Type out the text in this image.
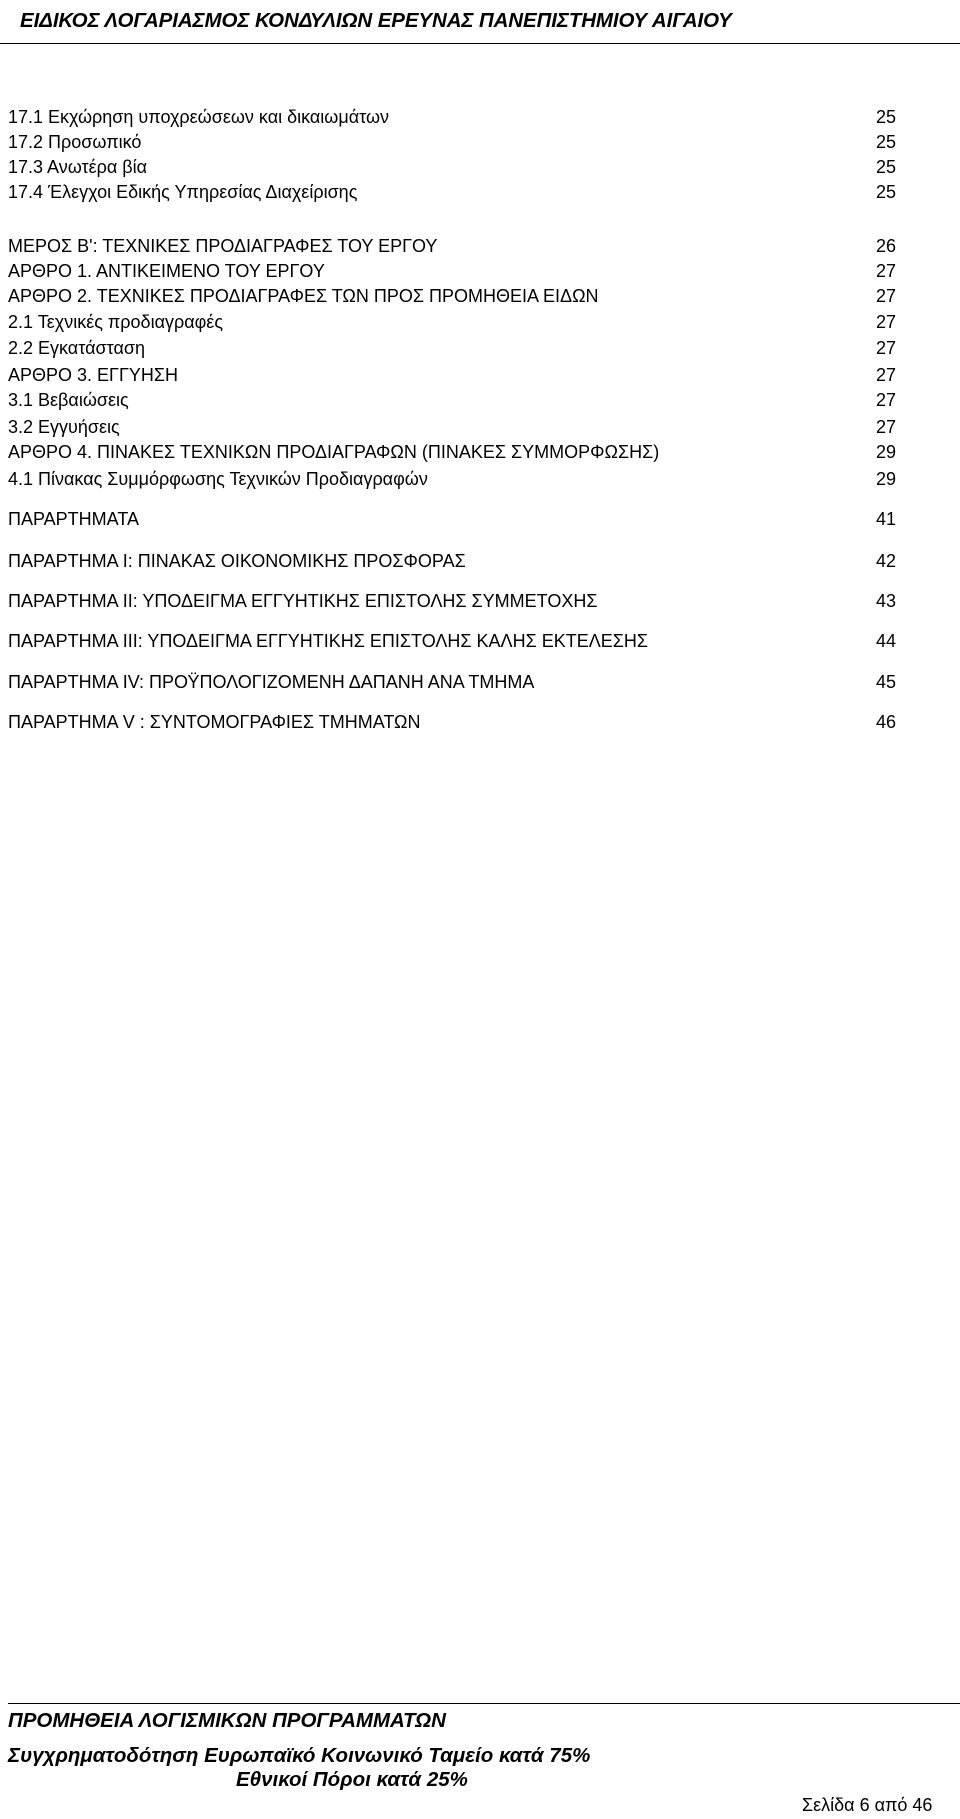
ΕΙΔΙΚΟΣ ΛΟΓΑΡΙΑΣΜΟΣ ΚΟΝΔΥΛΙΩΝ ΕΡΕΥΝΑΣ ΠΑΝΕΠΙΣΤΗΜΙΟΥ ΑΙΓΑΙΟΥ
17.1 Εκχώρηση υποχρεώσεων και δικαιωμάτων	25
17.2 Προσωπικό	25
17.3 Ανωτέρα βία	25
17.4 Έλεγχοι Εδικής Υπηρεσίας Διαχείρισης	25
ΜΕΡΟΣ Β': ΤΕΧΝΙΚΕΣ ΠΡΟΔΙΑΓΡΑΦΕΣ ΤΟΥ ΕΡΓΟΥ	26
ΑΡΘΡΟ 1. ΑΝΤΙΚΕΙΜΕΝΟ ΤΟΥ ΕΡΓΟΥ	27
ΑΡΘΡΟ 2. ΤΕΧΝΙΚΕΣ ΠΡΟΔΙΑΓΡΑΦΕΣ ΤΩΝ ΠΡΟΣ ΠΡΟΜΗΘΕΙΑ ΕΙΔΩΝ	27
2.1 Τεχνικές προδιαγραφές	27
2.2 Εγκατάσταση	27
ΑΡΘΡΟ 3. ΕΓΓΥΗΣΗ	27
3.1 Βεβαιώσεις	27
3.2 Εγγυήσεις	27
ΑΡΘΡΟ 4. ΠΙΝΑΚΕΣ ΤΕΧΝΙΚΩΝ ΠΡΟΔΙΑΓΡΑΦΩΝ (ΠΙΝΑΚΕΣ ΣΥΜΜΟΡΦΩΣΗΣ)	29
4.1 Πίνακας Συμμόρφωσης Τεχνικών Προδιαγραφών	29
ΠΑΡΑΡΤΗΜΑΤΑ	41
ΠΑΡΑΡΤΗΜΑ Ι: ΠΙΝΑΚΑΣ ΟΙΚΟΝΟΜΙΚΗΣ ΠΡΟΣΦΟΡΑΣ	42
ΠΑΡΑΡΤΗΜΑ ΙΙ: ΥΠΟΔΕΙΓΜΑ ΕΓΓΥΗΤΙΚΗΣ ΕΠΙΣΤΟΛΗΣ ΣΥΜΜΕΤΟΧΗΣ	43
ΠΑΡΑΡΤΗΜΑ ΙΙΙ: ΥΠΟΔΕΙΓΜΑ ΕΓΓΥΗΤΙΚΗΣ ΕΠΙΣΤΟΛΗΣ ΚΑΛΗΣ ΕΚΤΕΛΕΣΗΣ	44
ΠΑΡΑΡΤΗΜΑ ΙV: ΠΡΟΫΠΟΛΟΓΙΖΟΜΕΝΗ ΔΑΠΑΝΗ ΑΝΑ ΤΜΗΜΑ	45
ΠΑΡΑΡΤΗΜΑ V : ΣΥΝΤΟΜΟΓΡΑΦΙΕΣ ΤΜΗΜΑΤΩΝ	46
ΠΡΟΜΗΘΕΙΑ ΛΟΓΙΣΜΙΚΩΝ ΠΡΟΓΡΑΜΜΑΤΩΝ
Συγχρηματοδότηση Ευρωπαϊκό Κοινωνικό Ταμείο κατά 75%
Εθνικοί Πόροι κατά 25%
Σελίδα 6 από 46
